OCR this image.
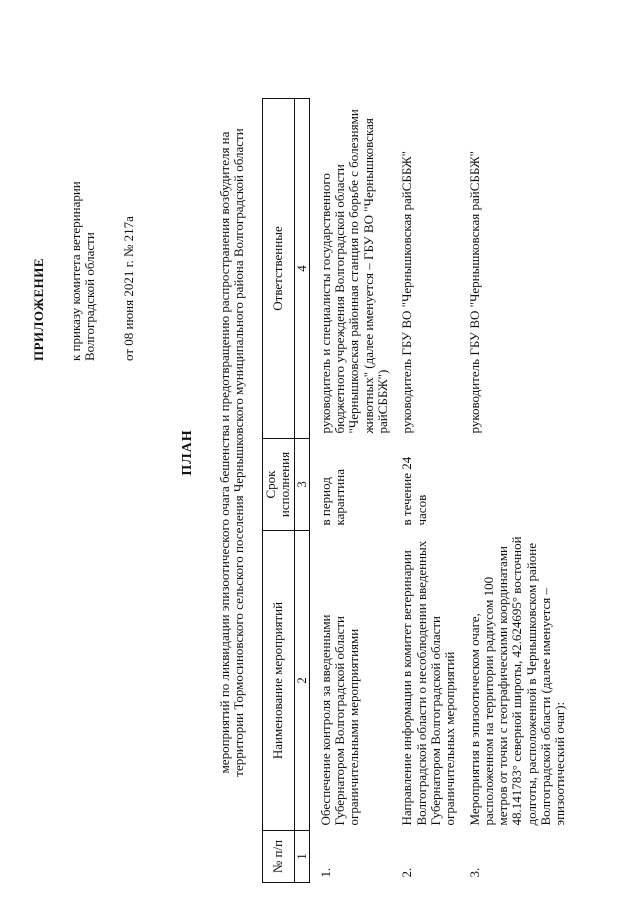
ПРИЛОЖЕНИЕ к приказу комитета ветеринарии Волгоградской области от 08 июня 2021 г. № 217а
ПЛАН мероприятий по ликвидации эпизоотического очага бешенства и предотвращению распространения возбудителя на территории Тормосиновского сельского поселения Чернышковского муниципального района Волгоградской области
№ п/п	Наименование мероприятий	Срок исполнения	Ответственные
1	2	3	4
1.	Обеспечение контроля за введенными Губернатором Волгоградской области ограничительными мероприятиями	в период карантина	руководитель и специалисты государственного бюджетного учреждения Волгоградской области "Чернышковская районная станция по борьбе с болезнями животных" (далее именуется – ГБУ ВО "Чернышковская райСББЖ")
2.	Направление информации в комитет ветеринарии Волгоградской области о несоблюдении введенных Губернатором Волгоградской области ограничительных мероприятий	в течение 24 часов	руководитель ГБУ ВО "Чернышковская райСББЖ"
3.	Мероприятия в эпизоотическом очаге, расположенном на территории радиусом 100 метров от точки с географическими координатами 48.141783° северной широты, 42.624695° восточной долготы, расположенной в Чернышковском районе Волгоградской области (далее именуется – эпизоотический очаг):		руководитель ГБУ ВО "Чернышковская райСББЖ"
